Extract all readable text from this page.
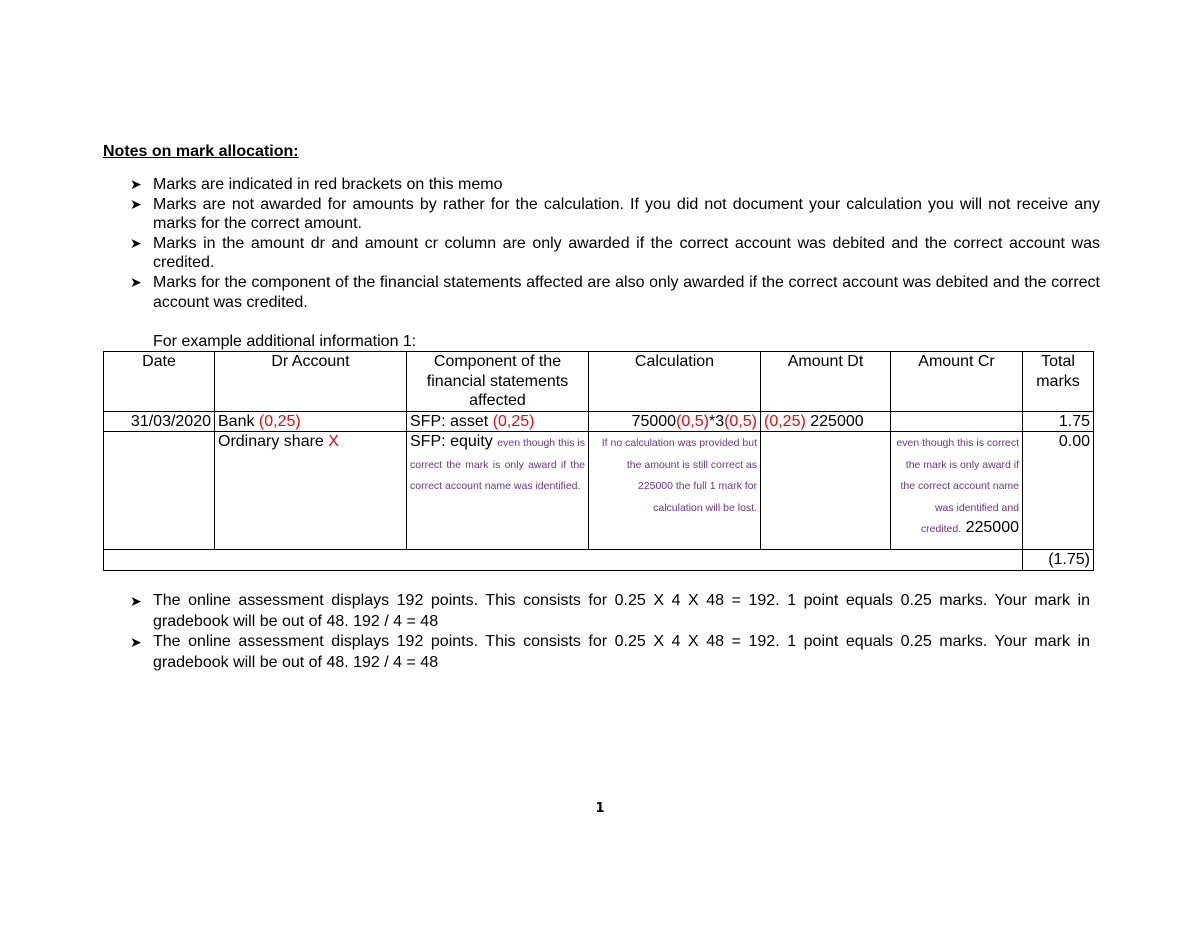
Notes on mark allocation:
➤ Marks are indicated in red brackets on this memo
➤ Marks are not awarded for amounts by rather for the calculation. If you did not document your calculation you will not receive any marks for the correct amount.
➤ Marks in the amount dr and amount cr column are only awarded if the correct account was debited and the correct account was credited.
➤ Marks for the component of the financial statements affected are also only awarded if the correct account was debited and the correct account was credited.
For example additional information 1:
Date	Dr Account	Component of the financial statements affected	Calculation	Amount Dt	Amount Cr	Total marks
31/03/2020	Bank (0,25)	SFP: asset (0,25)	75000(0,5)*3(0,5)	(0,25) 225000		1.75
	Ordinary share X	SFP: equity even though this is correct the mark is only award if the correct account name was identified.	If no calculation was provided but the amount is still correct as 225000 the full 1 mark for calculation will be lost.		even though this is correct the mark is only award if the correct account name was identified and credited. 225000	0.00
						(1.75)
➤ The online assessment displays 192 points. This consists for 0.25 X 4 X 48 = 192. 1 point equals 0.25 marks. Your mark in gradebook will be out of 48. 192 / 4 = 48
➤ The online assessment displays 192 points. This consists for 0.25 X 4 X 48 = 192. 1 point equals 0.25 marks. Your mark in gradebook will be out of 48. 192 / 4 = 48
1
